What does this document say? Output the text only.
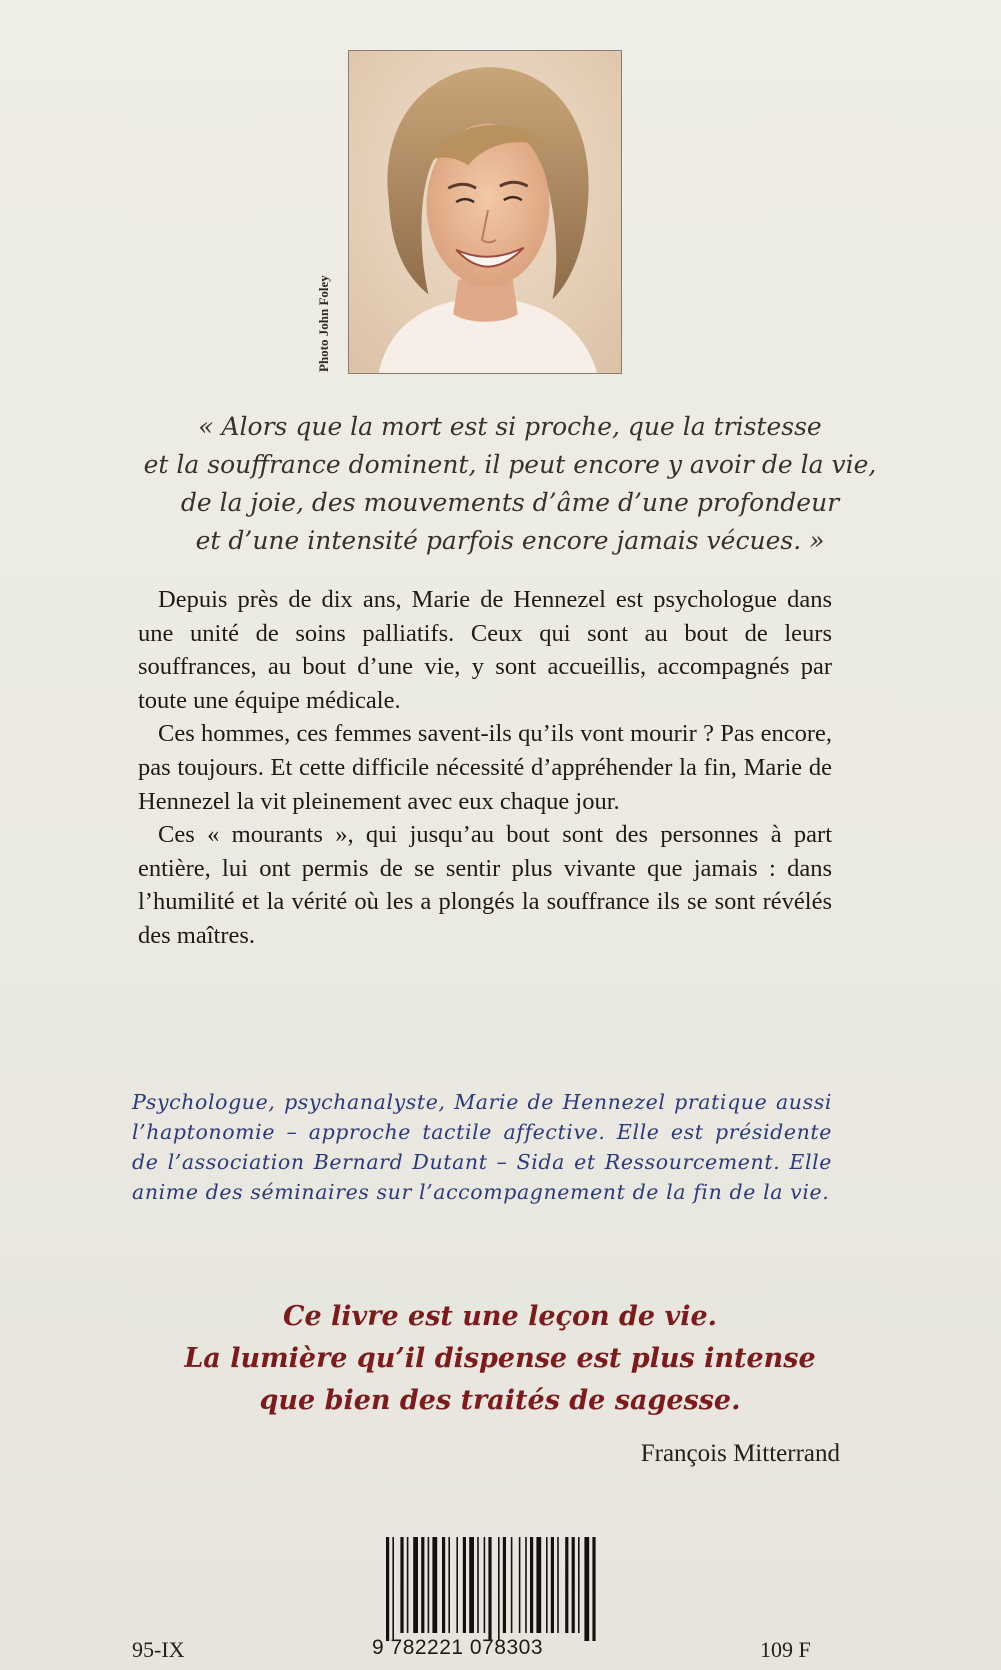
Photo John Foley
« Alors que la mort est si proche, que la tristesse
et la souffrance dominent, il peut encore y avoir de la vie,
de la joie, des mouvements d’âme d’une profondeur
et d’une intensité parfois encore jamais vécues. »

Depuis près de dix ans, Marie de Hennezel est psychologue dans une unité de soins palliatifs. Ceux qui sont au bout de leurs souffrances, au bout d’une vie, y sont accueillis, accompagnés par toute une équipe médicale.

Ces hommes, ces femmes savent-ils qu’ils vont mourir ? Pas encore, pas toujours. Et cette difficile nécessité d’appréhender la fin, Marie de Hennezel la vit pleinement avec eux chaque jour.

Ces « mourants », qui jusqu’au bout sont des personnes à part entière, lui ont permis de se sentir plus vivante que jamais : dans l’humilité et la vérité où les a plongés la souffrance ils se sont révélés des maîtres.

Psychologue, psychanalyste, Marie de Hennezel pratique aussi l’haptonomie – approche tactile affective. Elle est présidente de l’association Bernard Dutant – Sida et Ressourcement. Elle anime des séminaires sur l’accompagnement de la fin de la vie.
Ce livre est une leçon de vie.
La lumière qu’il dispense est plus intense
que bien des traités de sagesse.
François Mitterrand
95-IX	9 782221 078303	109 F
